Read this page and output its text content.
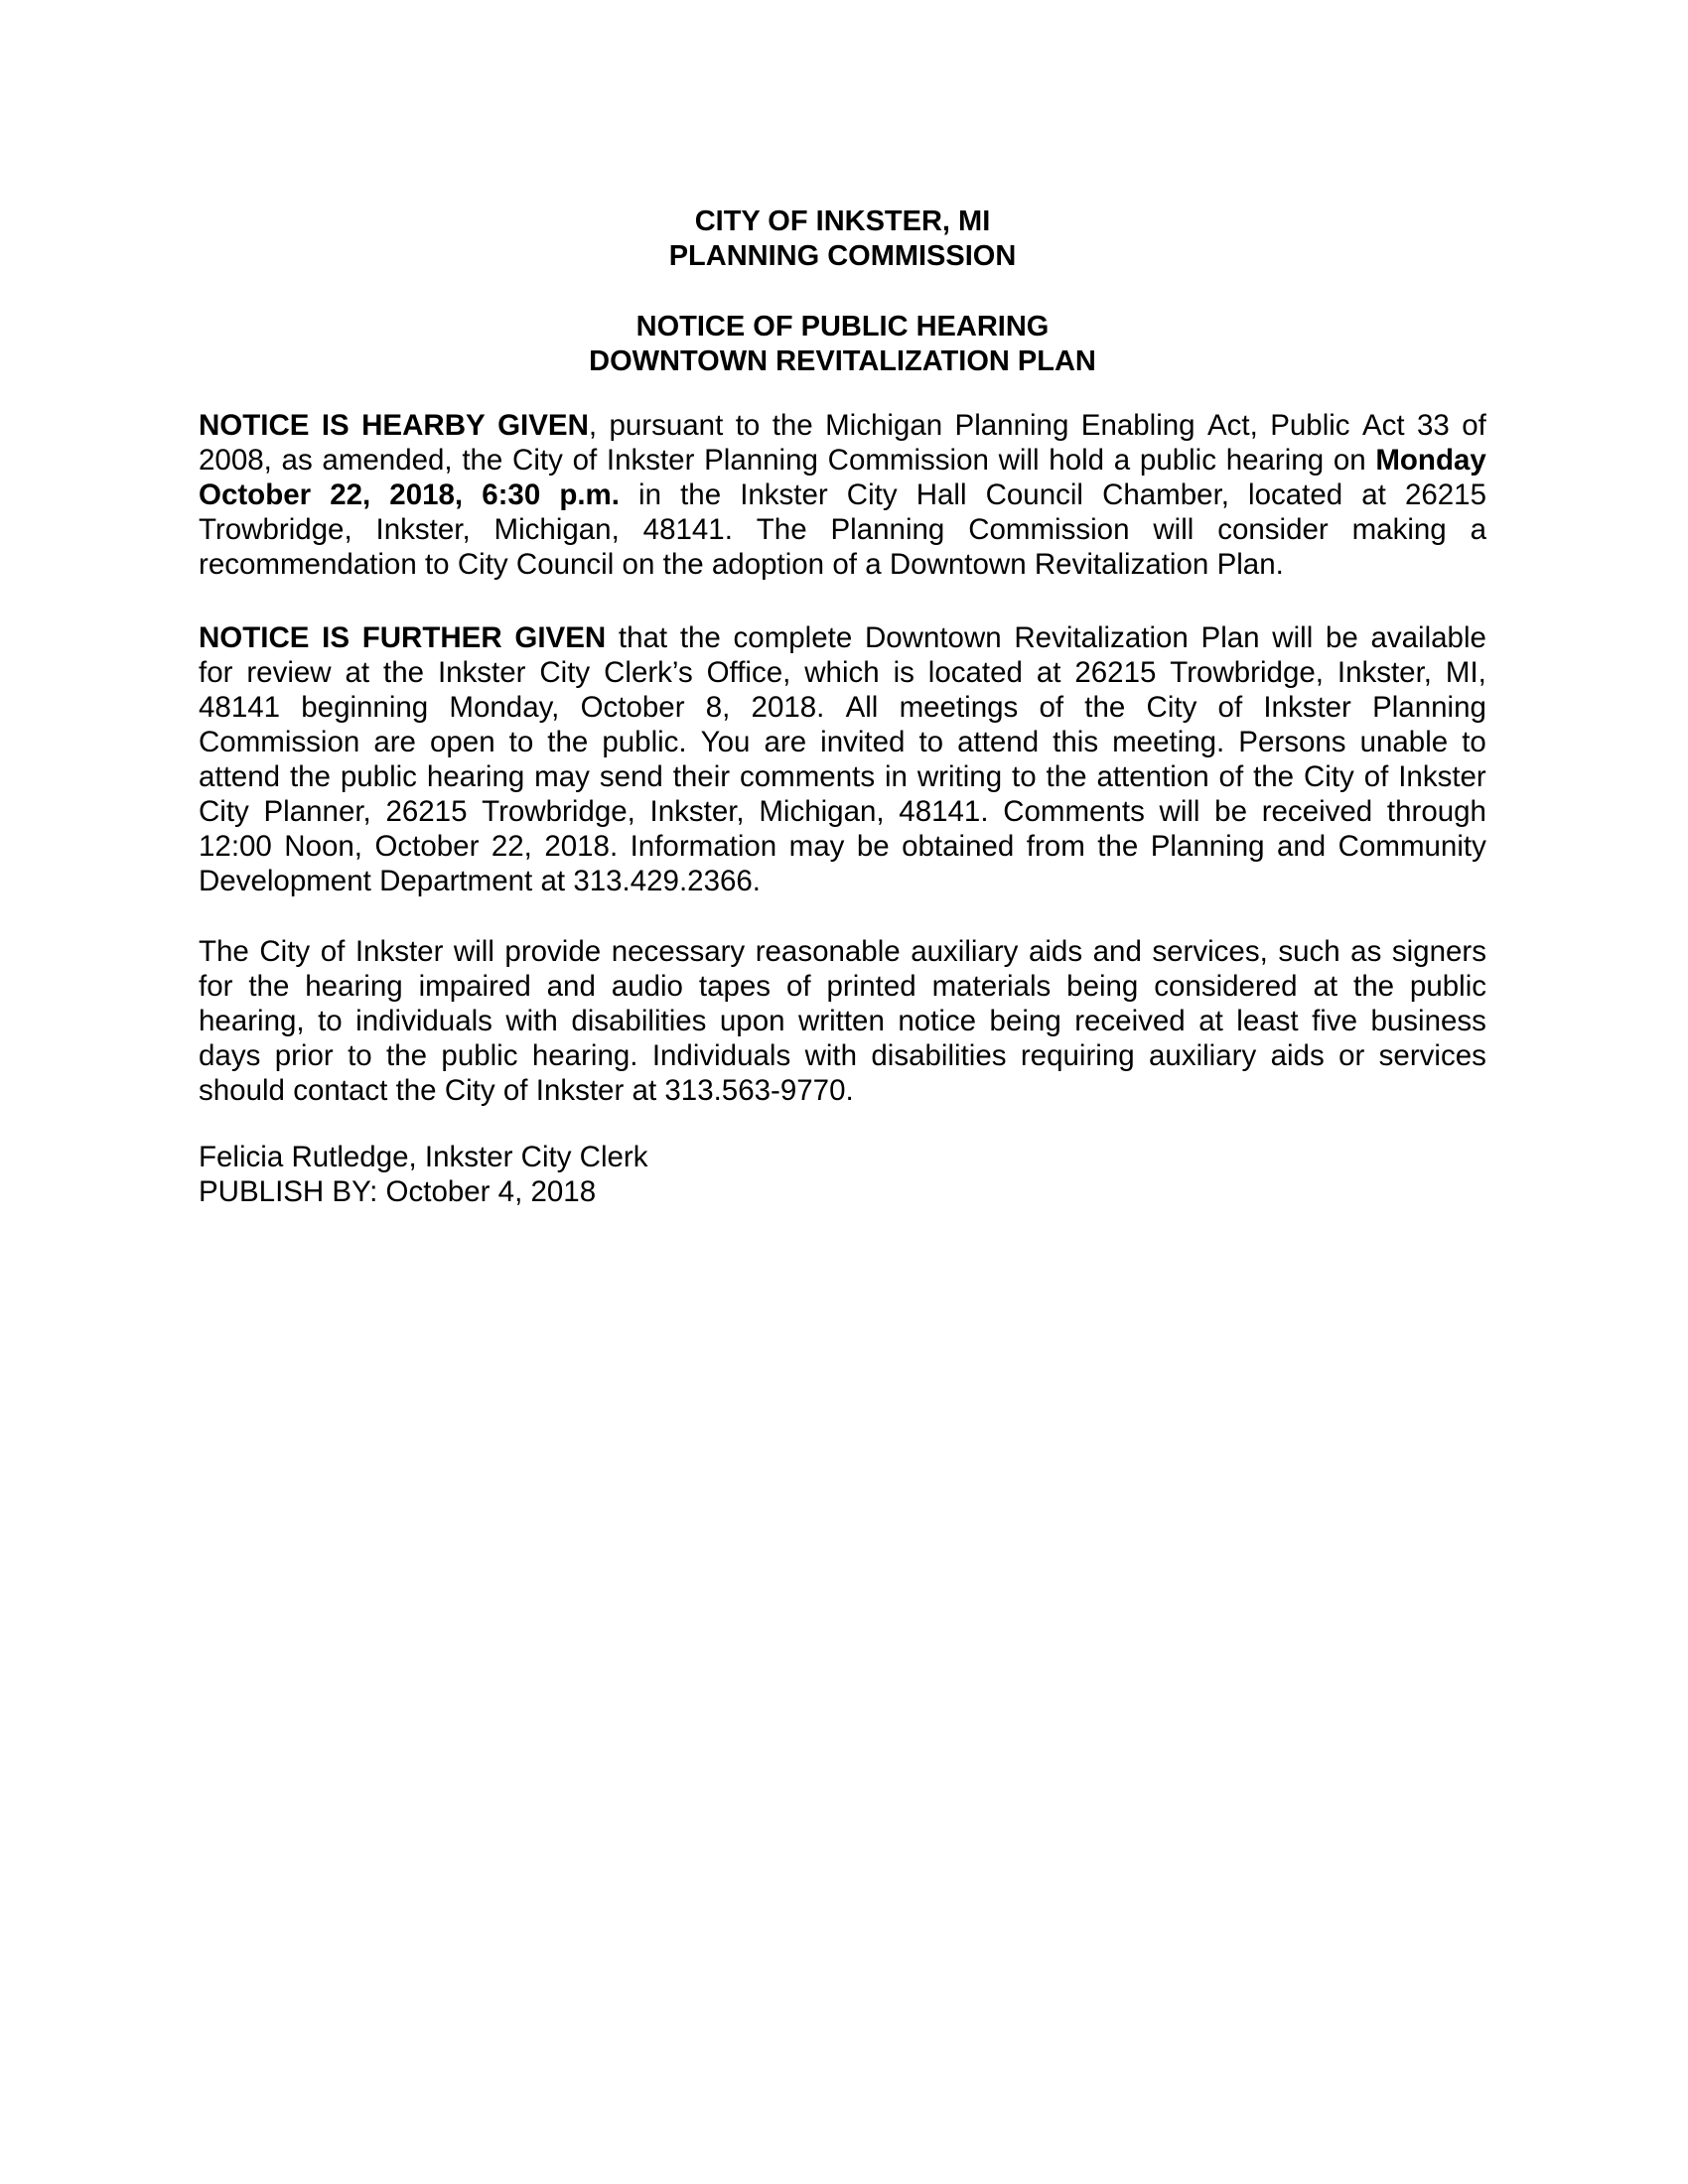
CITY OF INKSTER, MI
PLANNING COMMISSION
NOTICE OF PUBLIC HEARING
DOWNTOWN REVITALIZATION PLAN
NOTICE IS HEARBY GIVEN, pursuant to the Michigan Planning Enabling Act, Public Act 33 of
2008, as amended, the City of Inkster Planning Commission will hold a public hearing on Monday
October 22, 2018, 6:30 p.m. in the Inkster City Hall Council Chamber, located at 26215
Trowbridge, Inkster, Michigan, 48141. The Planning Commission will consider making a
recommendation to City Council on the adoption of a Downtown Revitalization Plan.
NOTICE IS FURTHER GIVEN that the complete Downtown Revitalization Plan will be available
for review at the Inkster City Clerk’s Office, which is located at 26215 Trowbridge, Inkster, MI,
48141 beginning Monday, October 8, 2018. All meetings of the City of Inkster Planning
Commission are open to the public. You are invited to attend this meeting. Persons unable to
attend the public hearing may send their comments in writing to the attention of the City of Inkster
City Planner, 26215 Trowbridge, Inkster, Michigan, 48141. Comments will be received through
12:00 Noon, October 22, 2018. Information may be obtained from the Planning and Community
Development Department at 313.429.2366.
The City of Inkster will provide necessary reasonable auxiliary aids and services, such as signers
for the hearing impaired and audio tapes of printed materials being considered at the public
hearing, to individuals with disabilities upon written notice being received at least five business
days prior to the public hearing. Individuals with disabilities requiring auxiliary aids or services
should contact the City of Inkster at 313.563-9770.
Felicia Rutledge, Inkster City Clerk
PUBLISH BY: October 4, 2018
